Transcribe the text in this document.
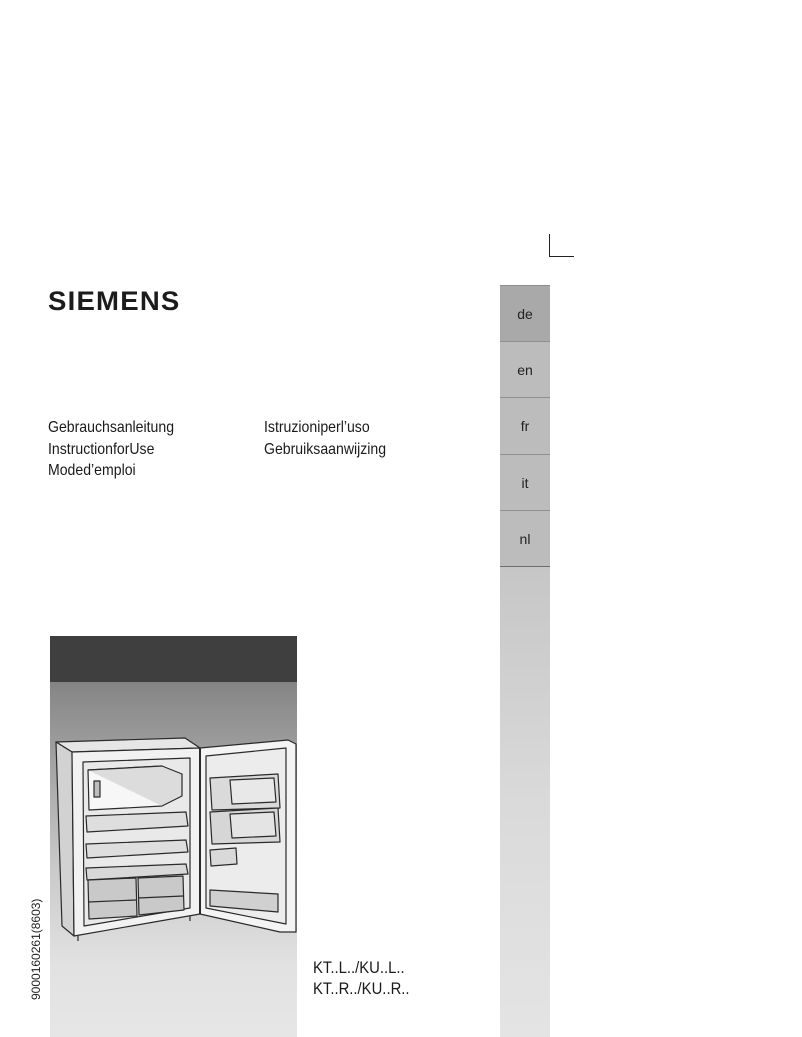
SIEMENS
Gebrauchsanleitung
InstructionforUse
Moded’emploi
Istruzioniperl’uso
Gebruiksaanwijzing
de
en
fr
it
nl
9000160261(8603)	KT..L../KU..L..
KT..R../KU..R..
